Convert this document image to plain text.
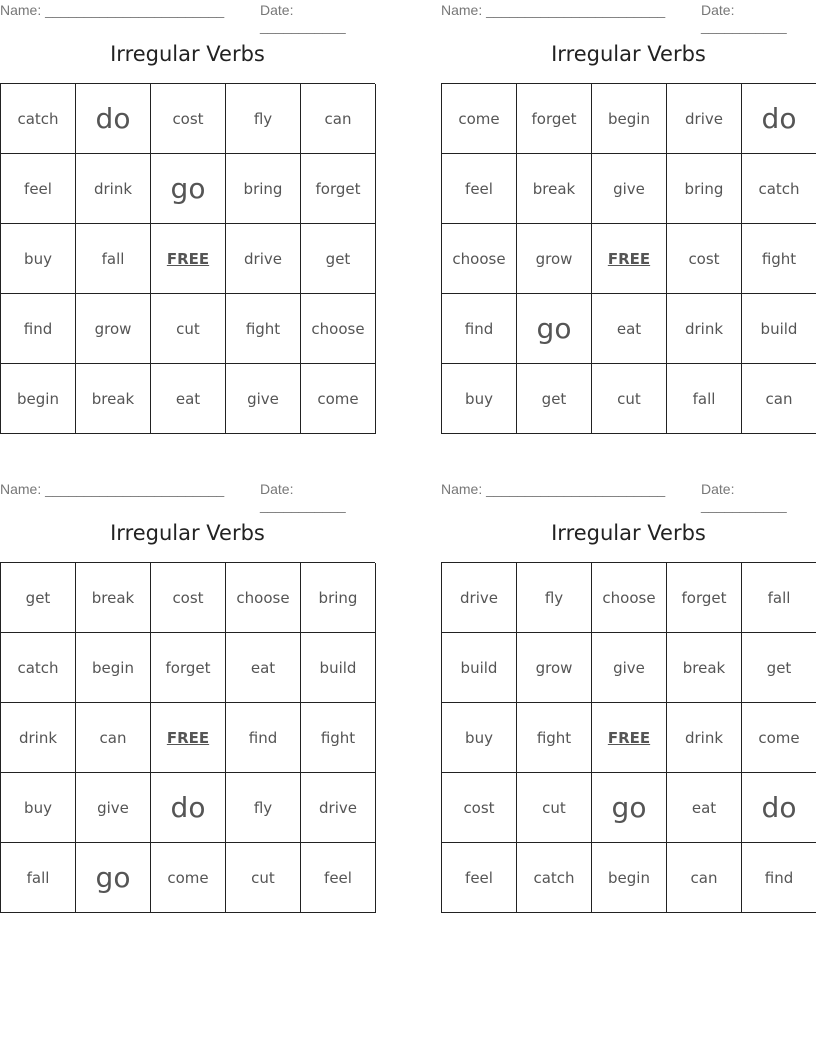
Name: _______________________	Date: ___________
Irregular Verbs
catch	do	cost	fly	can
feel	drink	go	bring	forget
buy	fall	FREE	drive	get
find	grow	cut	fight	choose
begin	break	eat	give	come
Name: _______________________	Date: ___________
Irregular Verbs
come	forget	begin	drive	do
feel	break	give	bring	catch
choose	grow	FREE	cost	fight
find	go	eat	drink	build
buy	get	cut	fall	can
Name: _______________________	Date: ___________
Irregular Verbs
get	break	cost	choose	bring
catch	begin	forget	eat	build
drink	can	FREE	find	fight
buy	give	do	fly	drive
fall	go	come	cut	feel
Name: _______________________	Date: ___________
Irregular Verbs
drive	fly	choose	forget	fall
build	grow	give	break	get
buy	fight	FREE	drink	come
cost	cut	go	eat	do
feel	catch	begin	can	find
